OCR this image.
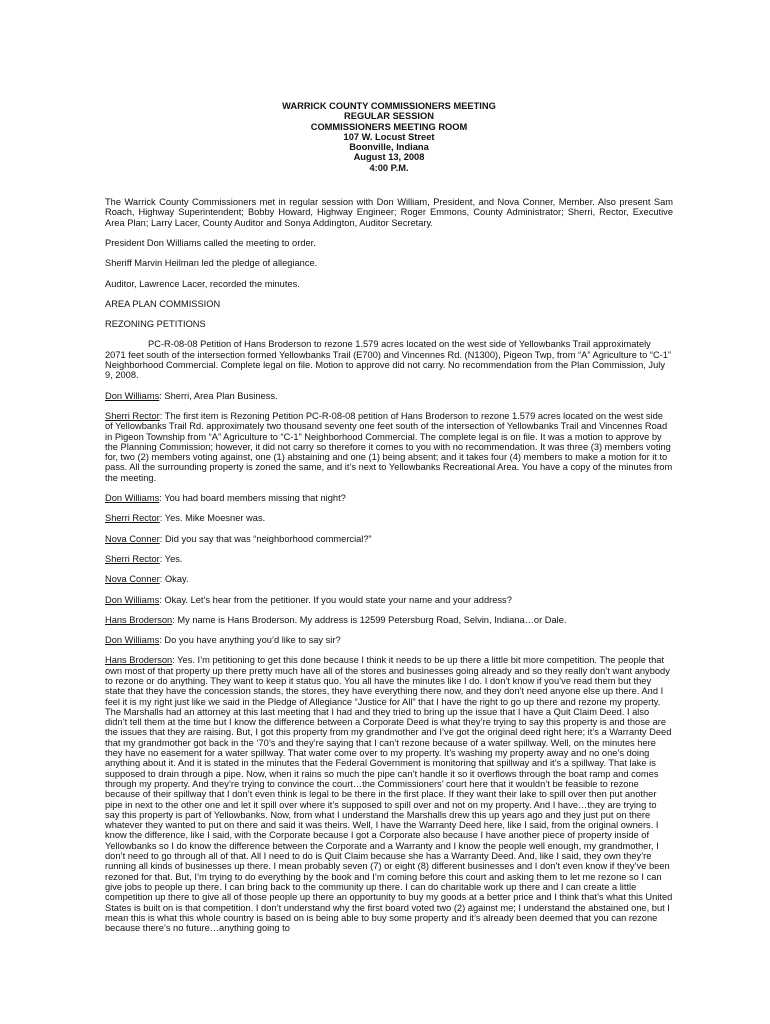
WARRICK COUNTY COMMISSIONERS MEETING
REGULAR SESSION
COMMISSIONERS MEETING ROOM
107 W. Locust Street
Boonville, Indiana
August 13, 2008
4:00 P.M.

The Warrick County Commissioners met in regular session with Don William, President, and Nova Conner, Member. Also present Sam Roach, Highway Superintendent; Bobby Howard, Highway Engineer; Roger Emmons, County Administrator; Sherri, Rector, Executive Area Plan; Larry Lacer, County Auditor and Sonya Addington, Auditor Secretary.

President Don Williams called the meeting to order.

Sheriff Marvin Heilman led the pledge of allegiance.

Auditor, Lawrence Lacer, recorded the minutes.

AREA PLAN COMMISSION

REZONING PETITIONS

PC-R-08-08 Petition of Hans Broderson to rezone 1.579 acres located on the west side of Yellowbanks Trail approximately 2071 feet south of the intersection formed Yellowbanks Trail (E700) and Vincennes Rd. (N1300), Pigeon Twp, from “A” Agriculture to “C-1” Neighborhood Commercial. Complete legal on file. Motion to approve did not carry. No recommendation from the Plan Commission, July 9, 2008.

Don Williams: Sherri, Area Plan Business.

Sherri Rector: The first item is Rezoning Petition PC-R-08-08 petition of Hans Broderson to rezone 1.579 acres located on the west side of Yellowbanks Trail Rd. approximately two thousand seventy one feet south of the intersection of Yellowbanks Trail and Vincennes Road in Pigeon Township from “A” Agriculture to “C-1” Neighborhood Commercial. The complete legal is on file. It was a motion to approve by the Planning Commission; however, it did not carry so therefore it comes to you with no recommendation. It was three (3) members voting for, two (2) members voting against, one (1) abstaining and one (1) being absent; and it takes four (4) members to make a motion for it to pass. All the surrounding property is zoned the same, and it’s next to Yellowbanks Recreational Area. You have a copy of the minutes from the meeting.

Don Williams: You had board members missing that night?

Sherri Rector: Yes. Mike Moesner was.

Nova Conner: Did you say that was “neighborhood commercial?”

Sherri Rector: Yes.

Nova Conner: Okay.

Don Williams: Okay. Let’s hear from the petitioner. If you would state your name and your address?

Hans Broderson: My name is Hans Broderson. My address is 12599 Petersburg Road, Selvin, Indiana…or Dale.

Don Williams: Do you have anything you’d like to say sir?

Hans Broderson: Yes. I’m petitioning to get this done because I think it needs to be up there a little bit more competition. The people that own most of that property up there pretty much have all of the stores and businesses going already and so they really don’t want anybody to rezone or do anything. They want to keep it status quo. You all have the minutes like I do. I don’t know if you’ve read them but they state that they have the concession stands, the stores, they have everything there now, and they don’t need anyone else up there. And I feel it is my right just like we said in the Pledge of Allegiance “Justice for All” that I have the right to go up there and rezone my property. The Marshalls had an attorney at this last meeting that I had and they tried to bring up the issue that I have a Quit Claim Deed. I also didn’t tell them at the time but I know the difference between a Corporate Deed is what they’re trying to say this property is and those are the issues that they are raising. But, I got this property from my grandmother and I’ve got the original deed right here; it’s a Warranty Deed that my grandmother got back in the ‘70’s and they’re saying that I can’t rezone because of a water spillway. Well, on the minutes here they have no easement for a water spillway. That water come over to my property. It’s washing my property away and no one’s doing anything about it. And it is stated in the minutes that the Federal Government is monitoring that spillway and it’s a spillway. That lake is supposed to drain through a pipe. Now, when it rains so much the pipe can’t handle it so it overflows through the boat ramp and comes through my property. And they’re trying to convince the court…the Commissioners’ court here that it wouldn’t be feasible to rezone because of their spillway that I don’t even think is legal to be there in the first place. If they want their lake to spill over then put another pipe in next to the other one and let it spill over where it’s supposed to spill over and not on my property. And I have…they are trying to say this property is part of Yellowbanks. Now, from what I understand the Marshalls drew this up years ago and they just put on there whatever they wanted to put on there and said it was theirs. Well, I have the Warranty Deed here, like I said, from the original owners. I know the difference, like I said, with the Corporate because I got a Corporate also because I have another piece of property inside of Yellowbanks so I do know the difference between the Corporate and a Warranty and I know the people well enough, my grandmother, I don’t need to go through all of that. All I need to do is Quit Claim because she has a Warranty Deed. And, like I said, they own they’re running all kinds of businesses up there. I mean probably seven (7) or eight (8) different businesses and I don’t even know if they’ve been rezoned for that. But, I’m trying to do everything by the book and I’m coming before this court and asking them to let me rezone so I can give jobs to people up there. I can bring back to the community up there. I can do charitable work up there and I can create a little competition up there to give all of those people up there an opportunity to buy my goods at a better price and I think that’s what this United States is built on is that competition. I don’t understand why the first board voted two (2) against me; I understand the abstained one, but I mean this is what this whole country is based on is being able to buy some property and it’s already been deemed that you can rezone because there’s no future…anything going to
